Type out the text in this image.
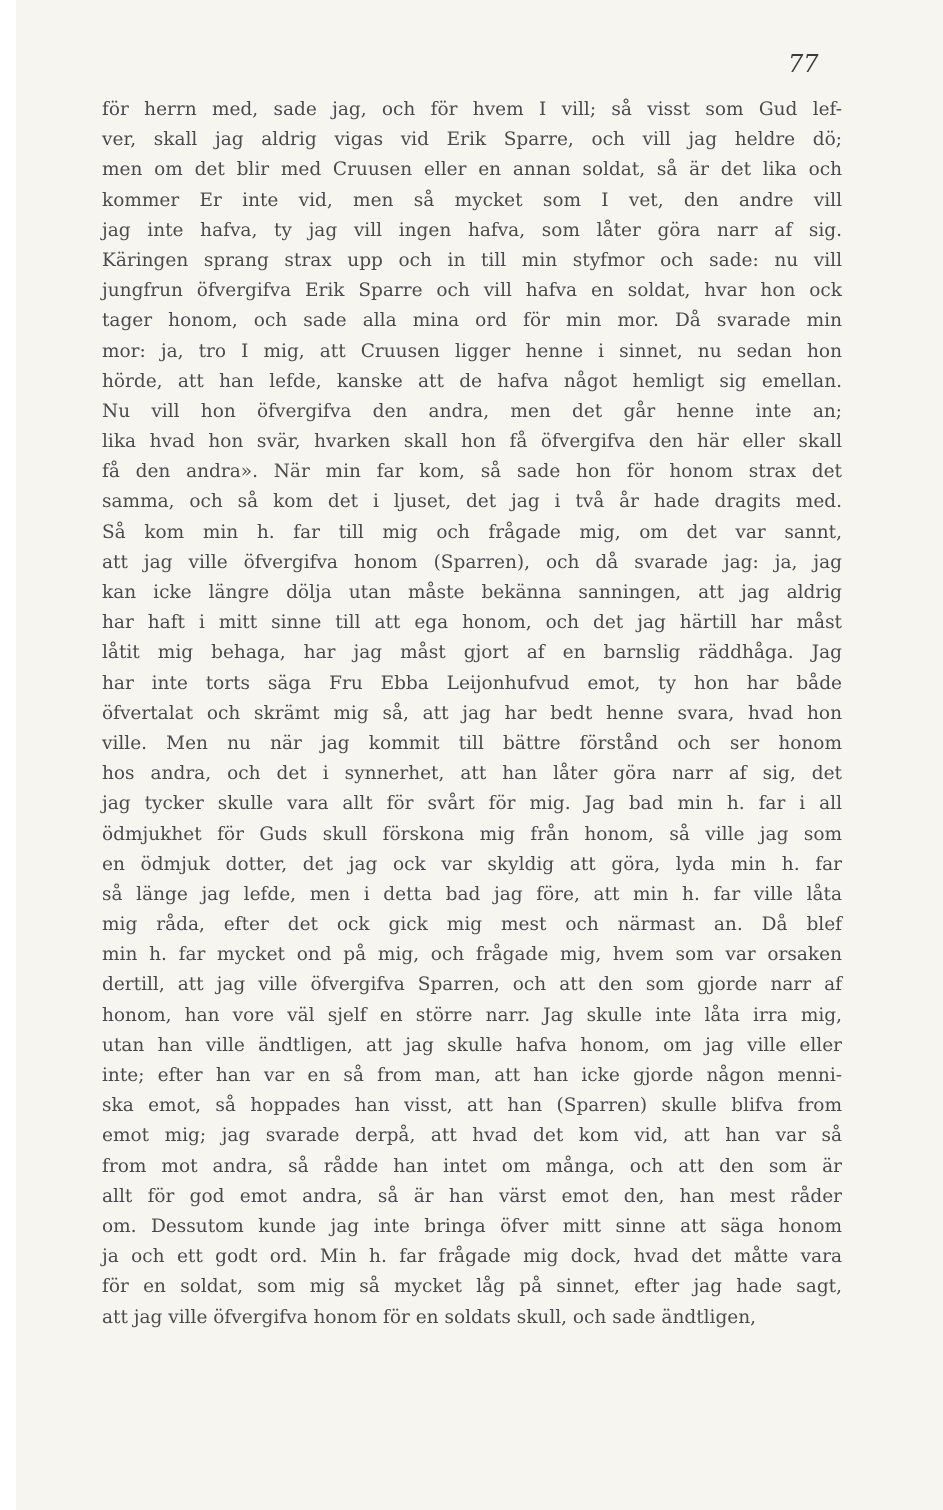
77
för herrn med, sade jag, och för hvem I vill; så visst som Gud lef-
ver, skall jag aldrig vigas vid Erik Sparre, och vill jag heldre dö;
men om det blir med Cruusen eller en annan soldat, så är det lika och
kommer Er inte vid, men så mycket som I vet, den andre vill
jag inte hafva, ty jag vill ingen hafva, som låter göra narr af sig.
Käringen sprang strax upp och in till min styfmor och sade: nu vill
jungfrun öfvergifva Erik Sparre och vill hafva en soldat, hvar hon ock
tager honom, och sade alla mina ord för min mor. Då svarade min
mor: ja, tro I mig, att Cruusen ligger henne i sinnet, nu sedan hon
hörde, att han lefde, kanske att de hafva något hemligt sig emellan.
Nu vill hon öfvergifva den andra, men det går henne inte an;
lika hvad hon svär, hvarken skall hon få öfvergifva den här eller skall
få den andra». När min far kom, så sade hon för honom strax det
samma, och så kom det i ljuset, det jag i två år hade dragits med.
Så kom min h. far till mig och frågade mig, om det var sannt,
att jag ville öfvergifva honom (Sparren), och då svarade jag: ja, jag
kan icke längre dölja utan måste bekänna sanningen, att jag aldrig
har haft i mitt sinne till att ega honom, och det jag härtill har måst
låtit mig behaga, har jag måst gjort af en barnslig räddhåga. Jag
har inte torts säga Fru Ebba Leijonhufvud emot, ty hon har både
öfvertalat och skrämt mig så, att jag har bedt henne svara, hvad hon
ville. Men nu när jag kommit till bättre förstånd och ser honom
hos andra, och det i synnerhet, att han låter göra narr af sig, det
jag tycker skulle vara allt för svårt för mig. Jag bad min h. far i all
ödmjukhet för Guds skull förskona mig från honom, så ville jag som
en ödmjuk dotter, det jag ock var skyldig att göra, lyda min h. far
så länge jag lefde, men i detta bad jag före, att min h. far ville låta
mig råda, efter det ock gick mig mest och närmast an. Då blef
min h. far mycket ond på mig, och frågade mig, hvem som var orsaken
dertill, att jag ville öfvergifva Sparren, och att den som gjorde narr af
honom, han vore väl sjelf en större narr. Jag skulle inte låta irra mig,
utan han ville ändtligen, att jag skulle hafva honom, om jag ville eller
inte; efter han var en så from man, att han icke gjorde någon menni-
ska emot, så hoppades han visst, att han (Sparren) skulle blifva from
emot mig; jag svarade derpå, att hvad det kom vid, att han var så
from mot andra, så rådde han intet om många, och att den som är
allt för god emot andra, så är han värst emot den, han mest råder
om. Dessutom kunde jag inte bringa öfver mitt sinne att säga honom
ja och ett godt ord. Min h. far frågade mig dock, hvad det måtte vara
för en soldat, som mig så mycket låg på sinnet, efter jag hade sagt,
att jag ville öfvergifva honom för en soldats skull, och sade ändtligen,
